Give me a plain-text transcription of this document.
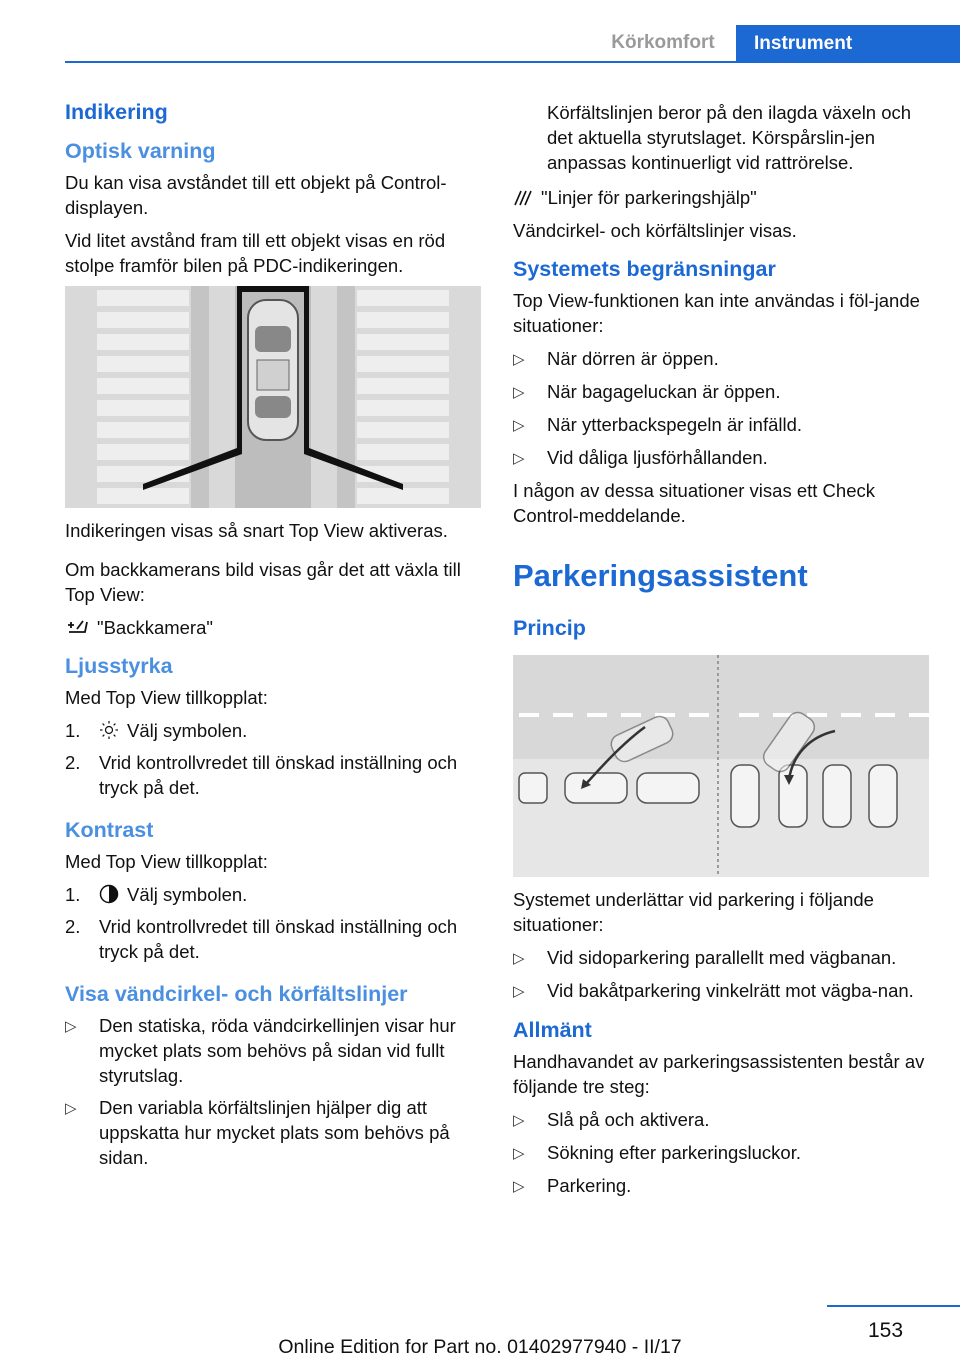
Körkomfort	Instrument
Indikering
Optisk varning

Du kan visa avståndet till ett objekt på Control-displayen.

Vid litet avstånd fram till ett objekt visas en röd stolpe framför bilen på PDC-indikeringen.

Indikeringen visas så snart Top View aktiveras.

Om backkamerans bild visas går det att växla till Top View:

"Backkamera"

Ljusstyrka

Med Top View tillkopplat:

1.	Välj symbolen.
2.	Vrid kontrollvredet till önskad inställning och tryck på det.
Kontrast

Med Top View tillkopplat:

1.	Välj symbolen.
2.	Vrid kontrollvredet till önskad inställning och tryck på det.
Visa vändcirkel- och körfältslinjer
▷	Den statiska, röda vändcirkellinjen visar hur mycket plats som behövs på sidan vid fullt styrutslag.
▷	Den variabla körfältslinjen hjälper dig att uppskatta hur mycket plats som behövs på sidan.
Körfältslinjen beror på den ilagda växeln och det aktuella styrutslaget. Körspårslin-jen anpassas kontinuerligt vid rattrörelse.

"Linjer för parkeringshjälp"

Vändcirkel- och körfältslinjer visas.

Systemets begränsningar

Top View-funktionen kan inte användas i föl-jande situationer:

▷	När dörren är öppen.
▷	När bagageluckan är öppen.
▷	När ytterbackspegeln är infälld.
▷	Vid dåliga ljusförhållanden.

I någon av dessa situationer visas ett Check Control-meddelande.

Parkeringsassistent
Princip

Systemet underlättar vid parkering i följande situationer:

▷	Vid sidoparkering parallellt med vägbanan.
▷	Vid bakåtparkering vinkelrätt mot vägba-nan.
Allmänt

Handhavandet av parkeringsassistenten består av följande tre steg:

▷	Slå på och aktivera.
▷	Sökning efter parkeringsluckor.
▷	Parkering.
153
Online Edition for Part no. 01402977940 - II/17
